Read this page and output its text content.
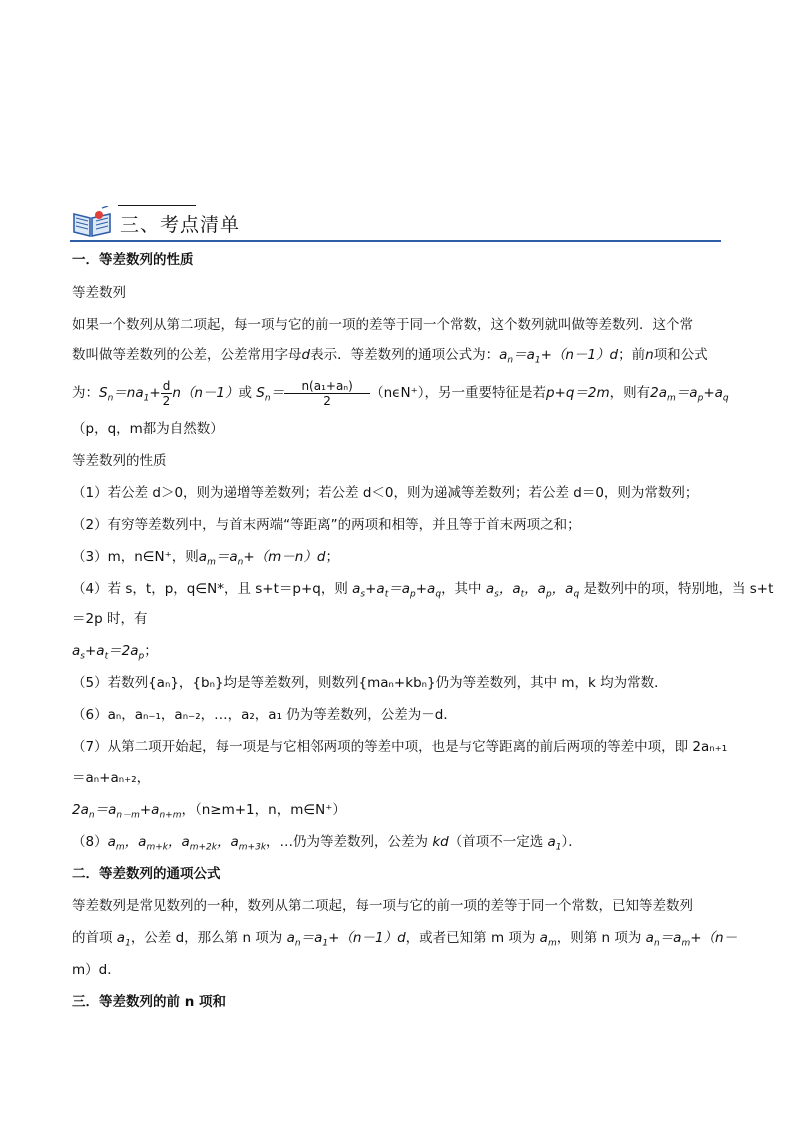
三、考点清单
一．等差数列的性质
等差数列
如果一个数列从第二项起，每一项与它的前一项的差等于同一个常数，这个数列就叫做等差数列．这个常
数叫做等差数列的公差，公差常用字母d表示．等差数列的通项公式为：$a_n=a_1+(n-1)d$；前n项和公式
为：$S_n=na_1+ \frac{d}{2} n(n-1)$或 $S_n= \frac{\text{n(a₁+aₙ)}}{2} (n\epsilon N^+)$，另一重要特征是若p+q＝2m，则有$2a_m=a_p+a_q$
（p，q，m都为自然数）
等差数列的性质
（1）若公差 d＞0，则为递增等差数列；若公差 d＜0，则为递减等差数列；若公差 d＝0，则为常数列；
（2）有穷等差数列中，与首末两端“等距离”的两项和相等，并且等于首末两项之和；
（3）m，n∈N⁺，则$a_m=a_n+(m-n)d$；
（4）若 s，t，p，q∈N*，且 s+t＝p+q，则 $a_s+a_t=a_p+a_q$，其中 $a_s$，$a_t$，$a_p$，$a_q$ 是数列中的项，特别地，当 s+t
＝2p 时，有
$a_s+a_t=2a_p$；
（5）若数列{aₙ}，{bₙ}均是等差数列，则数列{maₙ+kbₙ}仍为等差数列，其中 m，k 均为常数．
（6）aₙ，aₙ₋₁，aₙ₋₂，…，a₂，a₁ 仍为等差数列，公差为－d．
（7）从第二项开始起，每一项是与它相邻两项的等差中项，也是与它等距离的前后两项的等差中项，即 2aₙ₊₁
＝aₙ+aₙ₊₂，
$2a_n=a_{n-m}+a_{n+m}$，（n≥m+1，n，m∈N⁺）
$(8)a_m$，$a_{m+k}$，$a_{m+2k}$，$a_{m+3k}$，…仍为等差数列，公差为 kd（首项不一定选 $a_1$）．
二．等差数列的通项公式
等差数列是常见数列的一种，数列从第二项起，每一项与它的前一项的差等于同一个常数，已知等差数列
的首项 $a_1$，公差 d，那么第 n 项为 $a_n=a_1+(n-1)d$，或者已知第 m 项为 $a_m$，则第 n 项为 $a_n=a_m+(n-$
m）d．
三．等差数列的前 n 项和
